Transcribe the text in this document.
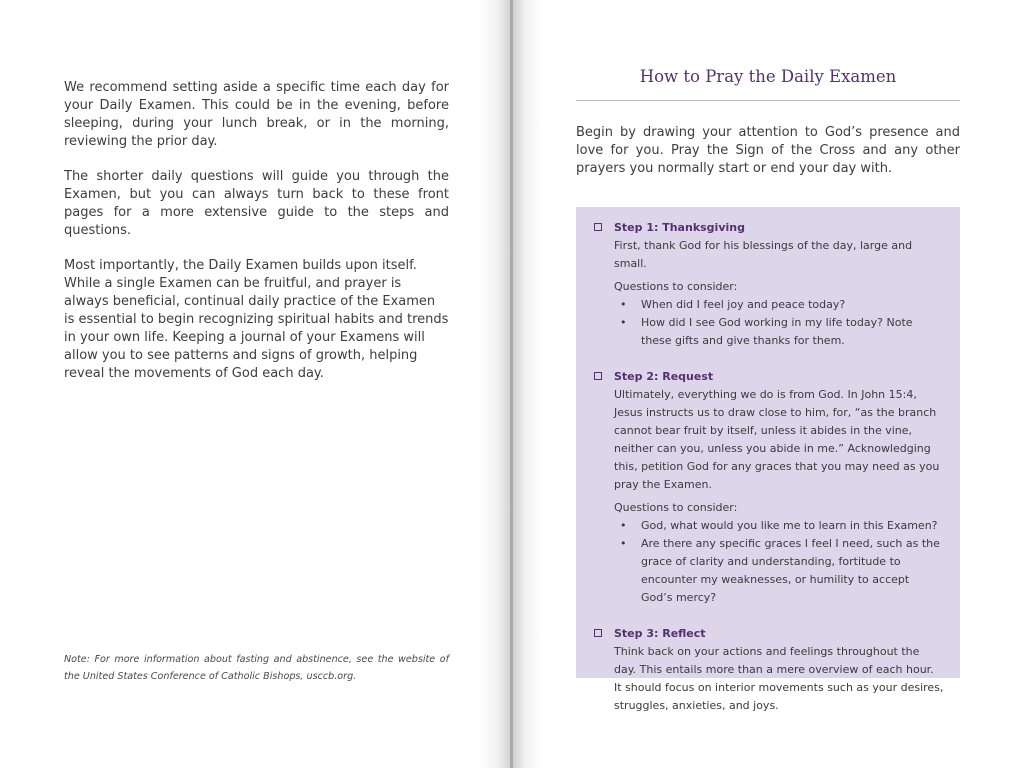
We recommend setting aside a specific time each day for your Daily Examen. This could be in the evening, before sleeping, during your lunch break, or in the morning, reviewing the prior day.

The shorter daily questions will guide you through the Examen, but you can always turn back to these front pages for a more extensive guide to the steps and questions.

Most importantly, the Daily Examen builds upon itself. While a single Examen can be fruitful, and prayer is always beneficial, continual daily practice of the Examen is essential to begin recognizing spiritual habits and trends in your own life. Keeping a journal of your Examens will allow you to see patterns and signs of growth, helping reveal the movements of God each day.

Note: For more information about fasting and abstinence, see the website of the United States Conference of Catholic Bishops, usccb.org.
How to Pray the Daily Examen

Begin by drawing your attention to God’s presence and love for you. Pray the Sign of the Cross and any other prayers you normally start or end your day with.

Step 1: Thanksgiving

First, thank God for his blessings of the day, large and small.

Questions to consider:
• When did I feel joy and peace today?
• How did I see God working in my life today? Note these gifts and give thanks for them.
Step 2: Request

Ultimately, everything we do is from God. In John 15:4, Jesus instructs us to draw close to him, for, “as the branch cannot bear fruit by itself, unless it abides in the vine, neither can you, unless you abide in me.” Acknowledging this, petition God for any graces that you may need as you pray the Examen.

Questions to consider:
• God, what would you like me to learn in this Examen?
• Are there any specific graces I feel I need, such as the grace of clarity and understanding, fortitude to encounter my weaknesses, or humility to accept God’s mercy?
Step 3: Reflect

Think back on your actions and feelings throughout the day. This entails more than a mere overview of each hour. It should focus on interior movements such as your desires, struggles, anxieties, and joys.
